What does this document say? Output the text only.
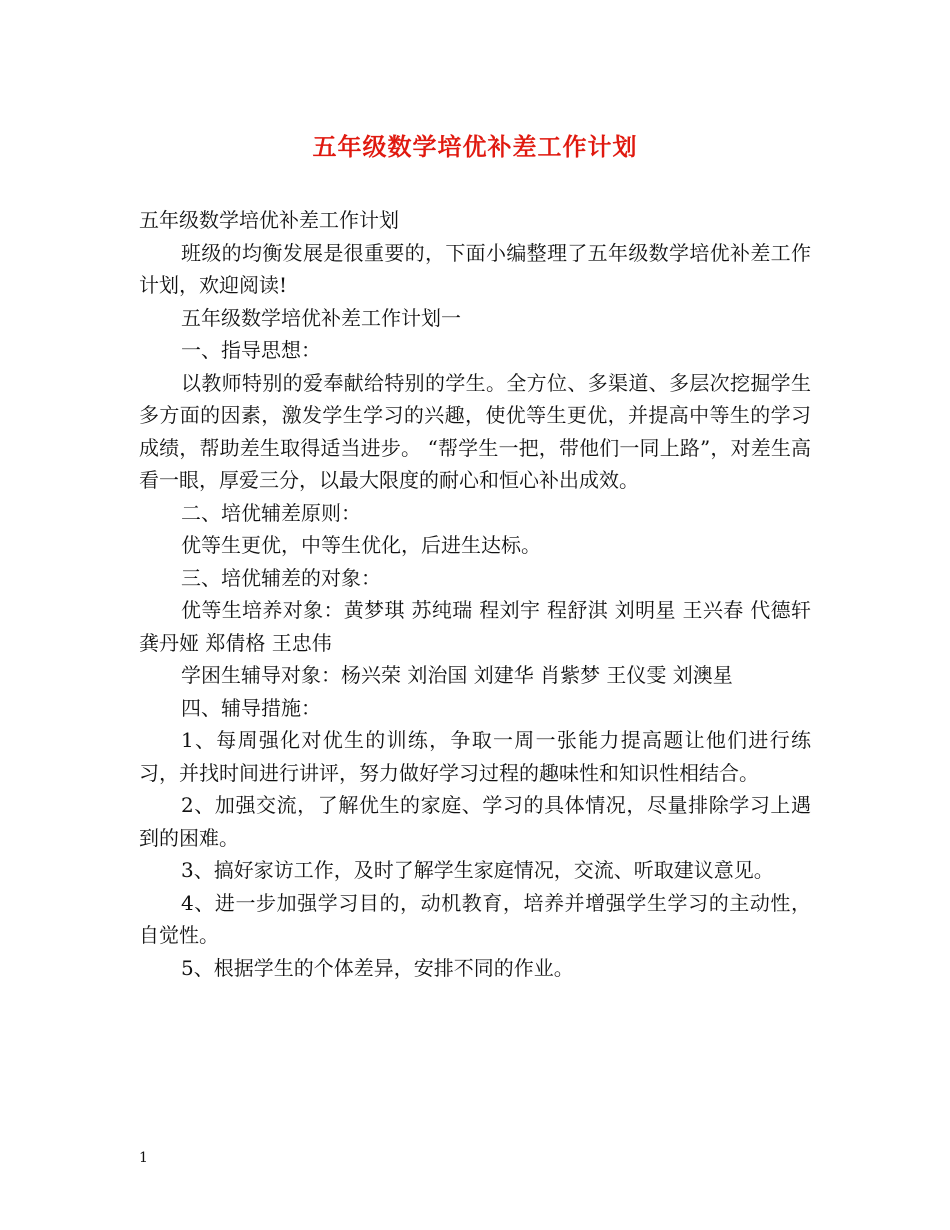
五年级数学培优补差工作计划

五年级数学培优补差工作计划

班级的均衡发展是很重要的，下面小编整理了五年级数学培优补差工作计划，欢迎阅读!

五年级数学培优补差工作计划一

一、指导思想：

以教师特别的爱奉献给特别的学生。全方位、多渠道、多层次挖掘学生多方面的因素，激发学生学习的兴趣，使优等生更优，并提高中等生的学习成绩，帮助差生取得适当进步。 “帮学生一把，带他们一同上路”，对差生高看一眼，厚爱三分，以最大限度的耐心和恒心补出成效。

二、培优辅差原则：

优等生更优，中等生优化，后进生达标。

三、培优辅差的对象：

优等生培养对象：黄梦琪 苏纯瑞 程刘宇 程舒淇 刘明星 王兴春 代德轩 龚丹娅 郑倩格 王忠伟

学困生辅导对象：杨兴荣 刘治国 刘建华 肖紫梦 王仪雯 刘澳星

四、辅导措施：

1、每周强化对优生的训练，争取一周一张能力提高题让他们进行练习，并找时间进行讲评，努力做好学习过程的趣味性和知识性相结合。

2、加强交流，了解优生的家庭、学习的具体情况，尽量排除学习上遇到的困难。

3、搞好家访工作，及时了解学生家庭情况，交流、听取建议意见。

4、进一步加强学习目的，动机教育，培养并增强学生学习的主动性，自觉性。

5、根据学生的个体差异，安排不同的作业。

1
